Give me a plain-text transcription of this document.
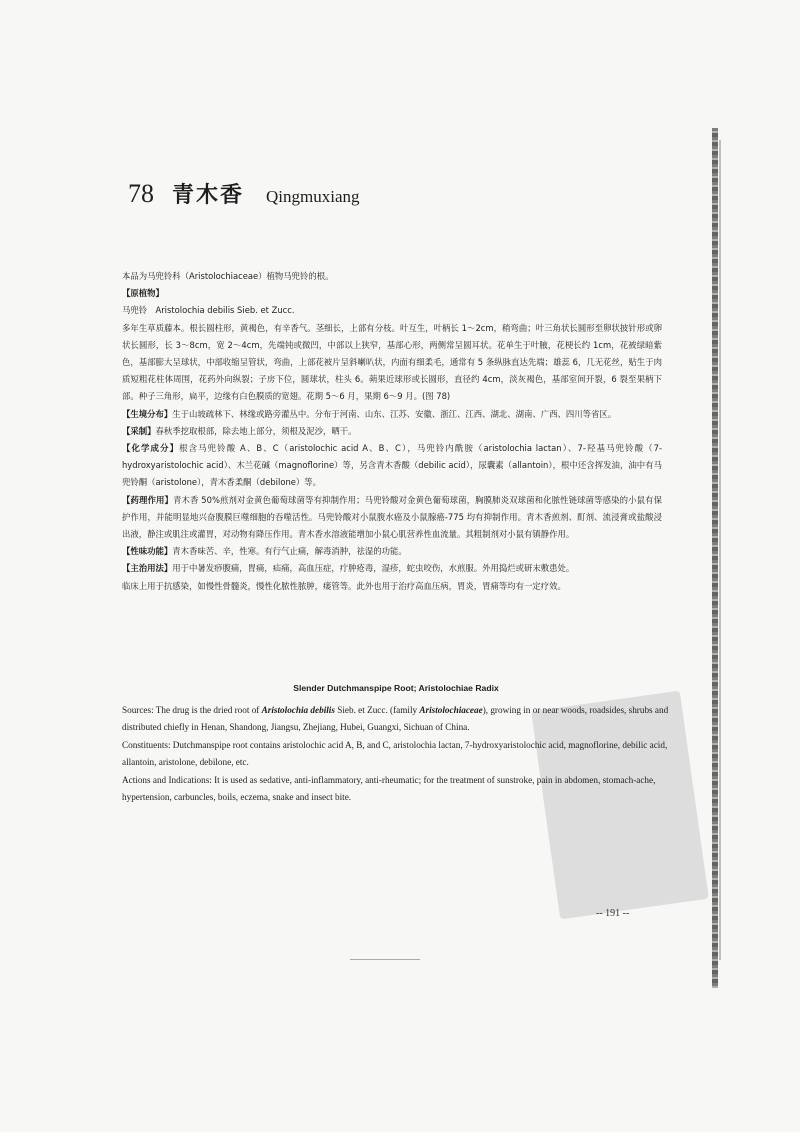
78 青木香 Qingmuxiang

本品为马兜铃科（Aristolochiaceae）植物马兜铃的根。

【原植物】

马兜铃　Aristolochia debilis Sieb. et Zucc.

多年生草质藤本。根长圆柱形，黄褐色，有辛香气。茎细长，上部有分枝。叶互生，叶柄长 1～2cm，稍弯曲；叶三角状长圆形至卵状披针形或卵状长圆形，长 3～8cm，宽 2～4cm，先端钝或微凹，中部以上狭窄，基部心形，两侧常呈圆耳状。花单生于叶腋，花梗长约 1cm，花被绿暗紫色，基部膨大呈球状，中部收缩呈管状，弯曲，上部花被片呈斜喇叭状，内面有细柔毛，通常有 5 条纵脉直达先端；雄蕊 6，几无花丝，贴生于肉质短粗花柱体周围，花药外向纵裂；子房下位，圆球状，柱头 6。蒴果近球形或长圆形，直径约 4cm，淡灰褐色，基部室间开裂，6 裂至果柄下部。种子三角形，扁平，边缘有白色膜质的宽翅。花期 5～6 月，果期 6～9 月。(图 78)

【生境分布】生于山坡疏林下、林缘或路旁灌丛中。分布于河南、山东、江苏、安徽、浙江、江西、湖北、湖南、广西、四川等省区。

【采制】春秋季挖取根部，除去地上部分，须根及泥沙，晒干。

【化学成分】根含马兜铃酸 A、B、C（aristolochic acid A、B、C），马兜铃内酰胺（aristolochia lactan）、7-羟基马兜铃酸（7-hydroxyaristolochic acid）、木兰花碱（magnoflorine）等，另含青木香酸（debilic acid），尿囊素（allantoin），根中还含挥发油，油中有马兜铃酮（aristolone），青木香柔酮（debilone）等。

【药理作用】青木香 50%煎剂对金黄色葡萄球菌等有抑制作用；马兜铃酸对金黄色葡萄球菌，胸膜肺炎双球菌和化脓性链球菌等感染的小鼠有保护作用，并能明显地兴奋腹膜巨噬细胞的吞噬活性。马兜铃酸对小鼠腹水癌及小鼠腺癌-775 均有抑制作用。青木香煎剂、酊剂、流浸膏或盐酸浸出液，静注或肌注或灌胃，对动物有降压作用。青木香水溶液能增加小鼠心肌营养性血流量。其粗制剂对小鼠有镇静作用。

【性味功能】青木香味苦、辛，性寒。有行气止痛，解毒消肿，祛湿的功能。

【主治用法】用于中暑发痧腹痛，胃痛，疝痛，高血压症，疔肿疮毒，湿疹，蛇虫咬伤，水煎服。外用捣烂或研末敷患处。

临床上用于抗感染，如慢性骨髓炎，慢性化脓性脓肿，瘘管等。此外也用于治疗高血压病，胃炎，胃痛等均有一定疗效。

Slender Dutchmanspipe Root; Aristolochiae Radix

Sources: The drug is the dried root of Aristolochia debilis Sieb. et Zucc. (family Aristolochiaceae), growing in or near woods, roadsides, shrubs and distributed chiefly in Henan, Shandong, Jiangsu, Zhejiang, Hubei, Guangxi, Sichuan of China.

Constituents: Dutchmanspipe root contains aristolochic acid A, B, and C, aristolochia lactan, 7-hydroxyaristolochic acid, magnoflorine, debilic acid, allantoin, aristolone, debilone, etc.

Actions and Indications: It is used as sedative, anti-inflammatory, anti-rheumatic; for the treatment of sunstroke, pain in abdomen, stomach-ache, hypertension, carbuncles, boils, eczema, snake and insect bite.

-- 191 --
